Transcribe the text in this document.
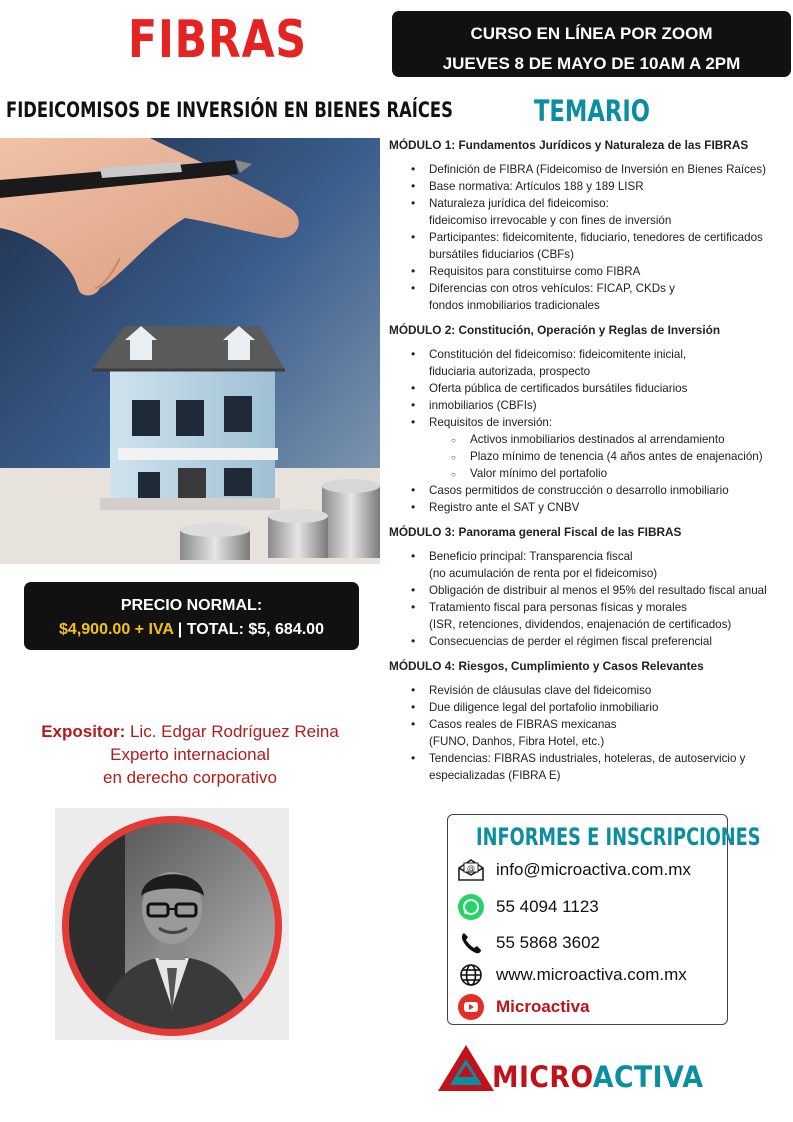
FIBRAS
FIDEICOMISOS DE INVERSIÓN EN BIENES RAÍCES
CURSO EN LÍNEA POR ZOOM
JUEVES 8 DE MAYO DE 10AM A 2PM
TEMARIO
PRECIO NORMAL:
$4,900.00 + IVA | TOTAL: $5, 684.00
Expositor: Lic. Edgar Rodríguez Reina
Experto internacional
en derecho corporativo
MÓDULO 1: Fundamentos Jurídicos y Naturaleza de las FIBRAS
• Definición de FIBRA (Fideicomiso de Inversión en Bienes Raíces)
• Base normativa: Artículos 188 y 189 LISR
• Naturaleza jurídica del fideicomiso:
fideicomiso irrevocable y con fines de inversión
• Participantes: fideicomitente, fiduciario, tenedores de certificados
bursátiles fiduciarios (CBFs)
• Requisitos para constituirse como FIBRA
• Diferencias con otros vehículos: FICAP, CKDs y
fondos inmobiliarios tradicionales
MÓDULO 2: Constitución, Operación y Reglas de Inversión
• Constitución del fideicomiso: fideicomitente inicial,
fiduciaria autorizada, prospecto
• Oferta pública de certificados bursátiles fiduciarios
• inmobiliarios (CBFIs)
• Requisitos de inversión:
○ Activos inmobiliarios destinados al arrendamiento
○ Plazo mínimo de tenencia (4 años antes de enajenación)
○ Valor mínimo del portafolio
• Casos permitidos de construcción o desarrollo inmobiliario
• Registro ante el SAT y CNBV
MÓDULO 3: Panorama general Fiscal de las FIBRAS
• Beneficio principal: Transparencia fiscal
(no acumulación de renta por el fideicomiso)
• Obligación de distribuir al menos el 95% del resultado fiscal anual
• Tratamiento fiscal para personas físicas y morales
(ISR, retenciones, dividendos, enajenación de certificados)
• Consecuencias de perder el régimen fiscal preferencial
MÓDULO 4: Riesgos, Cumplimiento y Casos Relevantes
• Revisión de cláusulas clave del fideicomiso
• Due diligence legal del portafolio inmobiliario
• Casos reales de FIBRAS mexicanas
(FUNO, Danhos, Fibra Hotel, etc.)
• Tendencias: FIBRAS industriales, hoteleras, de autoservicio y
especializadas (FIBRA E)
INFORMES E INSCRIPCIONES
@ info@microactiva.com.mx
55 4094 1123
55 5868 3602
www.microactiva.com.mx
Microactiva
MICROACTIVA
